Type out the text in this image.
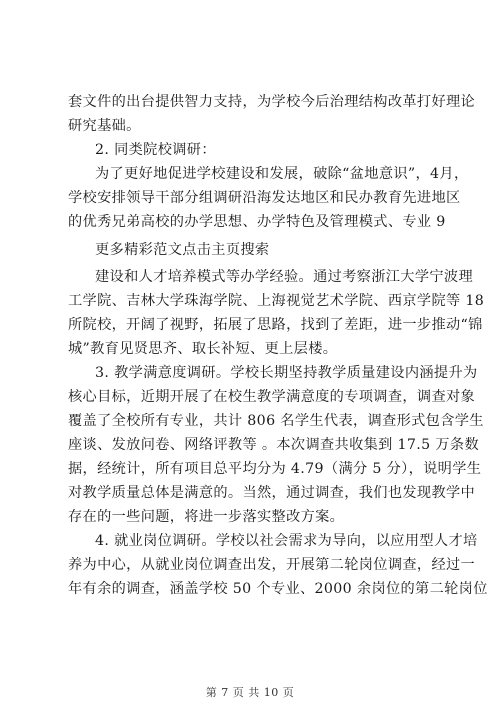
套文件的出台提供智力支持，为学校今后治理结构改革打好理论
研究基础。
2. 同类院校调研：
为了更好地促进学校建设和发展，破除“盆地意识”，4月，
学校安排领导干部分组调研沿海发达地区和民办教育先进地区
的优秀兄弟高校的办学思想、办学特色及管理模式、专业 9
更多精彩范文点击主页搜索
建设和人才培养模式等办学经验。通过考察浙江大学宁波理
工学院、吉林大学珠海学院、上海视觉艺术学院、西京学院等 18
所院校，开阔了视野，拓展了思路，找到了差距，进一步推动“锦
城”教育见贤思齐、取长补短、更上层楼。
3. 教学满意度调研。学校长期坚持教学质量建设内涵提升为
核心目标，近期开展了在校生教学满意度的专项调查，调查对象
覆盖了全校所有专业，共计 806 名学生代表，调查形式包含学生
座谈、发放问卷、网络评教等 。本次调查共收集到 17.5 万条数
据，经统计，所有项目总平均分为 4.79（满分 5 分），说明学生
对教学质量总体是满意的。当然，通过调查，我们也发现教学中
存在的一些问题，将进一步落实整改方案。
4. 就业岗位调研。学校以社会需求为导向，以应用型人才培
养为中心，从就业岗位调查出发，开展第二轮岗位调查，经过一
年有余的调查，涵盖学校 50 个专业、2000 余岗位的第二轮岗位
第 7 页 共 10 页
